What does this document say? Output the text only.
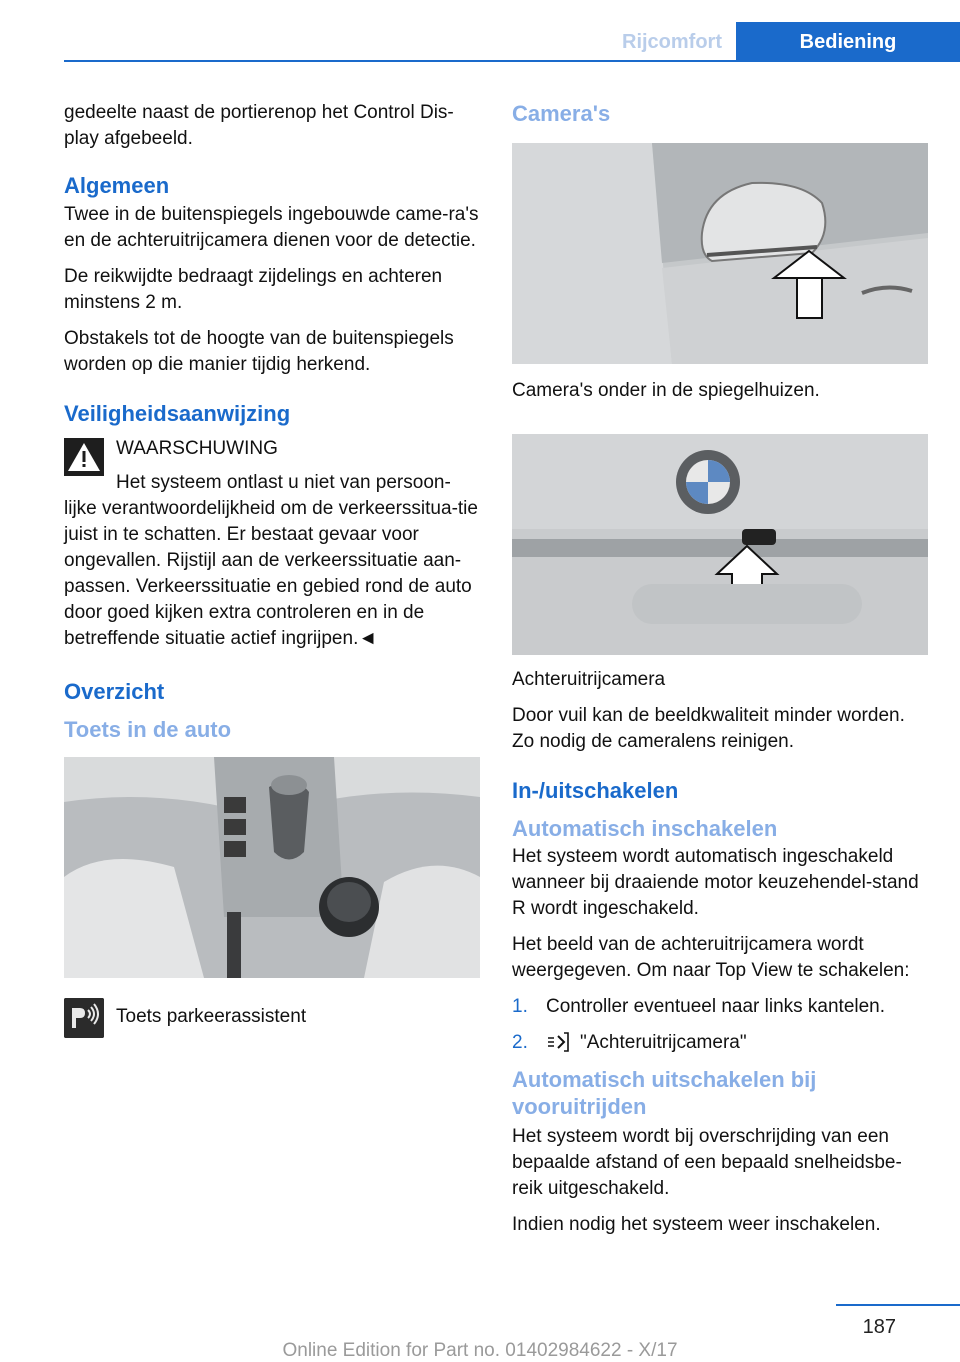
Rijcomfort	Bediening

gedeelte naast de portierenop het Control Dis-play afgebeeld.

Algemeen

Twee in de buitenspiegels ingebouwde came-ra's en de achteruitrijcamera dienen voor de detectie.

De reikwijdte bedraagt zijdelings en achteren minstens 2 m.

Obstakels tot de hoogte van de buitenspiegels worden op die manier tijdig herkend.

Veiligheidsaanwijzing
WAARSCHUWING
Het systeem ontlast u niet van persoon-

lijke verantwoordelijkheid om de verkeerssitua-tie juist in te schatten. Er bestaat gevaar voor ongevallen. Rijstijl aan de verkeerssituatie aan-passen. Verkeerssituatie en gebied rond de auto door goed kijken extra controleren en in de betreffende situatie actief ingrijpen.◄

Overzicht
Toets in de auto
Toets parkeerassistent
Camera's

Camera's onder in de spiegelhuizen.

Achteruitrijcamera

Door vuil kan de beeldkwaliteit minder worden. Zo nodig de cameralens reinigen.

In-/uitschakelen
Automatisch inschakelen

Het systeem wordt automatisch ingeschakeld wanneer bij draaiende motor keuzehendel-stand R wordt ingeschakeld.

Het beeld van de achteruitrijcamera wordt weergegeven. Om naar Top View te schakelen:

1. Controller eventueel naar links kantelen.
2.	"Achteruitrijcamera"
Automatisch uitschakelen bij vooruitrijden

Het systeem wordt bij overschrijding van een bepaalde afstand of een bepaald snelheidsbe-reik uitgeschakeld.

Indien nodig het systeem weer inschakelen.

187
Online Edition for Part no. 01402984622 - X/17
